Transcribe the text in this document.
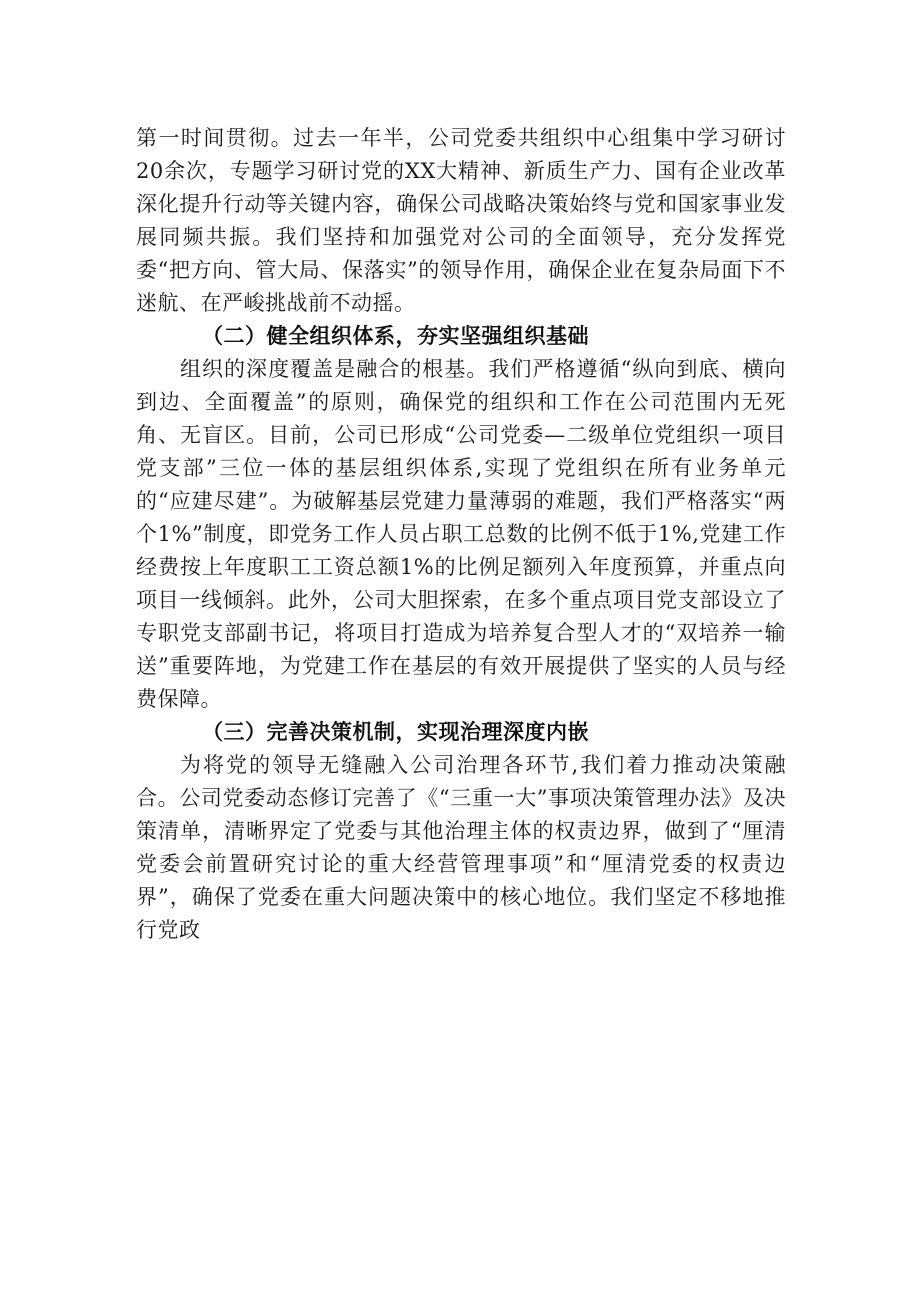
第一时间贯彻。过去一年半，公司党委共组织中心组集中学习研讨20余次，专题学习研讨党的XX大精神、新质生产力、国有企业改革深化提升行动等关键内容，确保公司战略决策始终与党和国家事业发展同频共振。我们坚持和加强党对公司的全面领导，充分发挥党委“把方向、管大局、保落实”的领导作用，确保企业在复杂局面下不迷航、在严峻挑战前不动摇。

（二）健全组织体系，夯实坚强组织基础

组织的深度覆盖是融合的根基。我们严格遵循“纵向到底、横向到边、全面覆盖”的原则，确保党的组织和工作在公司范围内无死角、无盲区。目前，公司已形成“公司党委—二级单位党组织一项目党支部”三位一体的基层组织体系,实现了党组织在所有业务单元的“应建尽建”。为破解基层党建力量薄弱的难题，我们严格落实“两个1%”制度，即党务工作人员占职工总数的比例不低于1%,党建工作经费按上年度职工工资总额1%的比例足额列入年度预算，并重点向项目一线倾斜。此外，公司大胆探索，在多个重点项目党支部设立了专职党支部副书记，将项目打造成为培养复合型人才的“双培养一输送”重要阵地，为党建工作在基层的有效开展提供了坚实的人员与经费保障。

（三）完善决策机制，实现治理深度内嵌

为将党的领导无缝融入公司治理各环节,我们着力推动决策融合。公司党委动态修订完善了《“三重一大”事项决策管理办法》及决策清单，清晰界定了党委与其他治理主体的权责边界，做到了“厘清党委会前置研究讨论的重大经营管理事项”和“厘清党委的权责边界”，确保了党委在重大问题决策中的核心地位。我们坚定不移地推行党政
